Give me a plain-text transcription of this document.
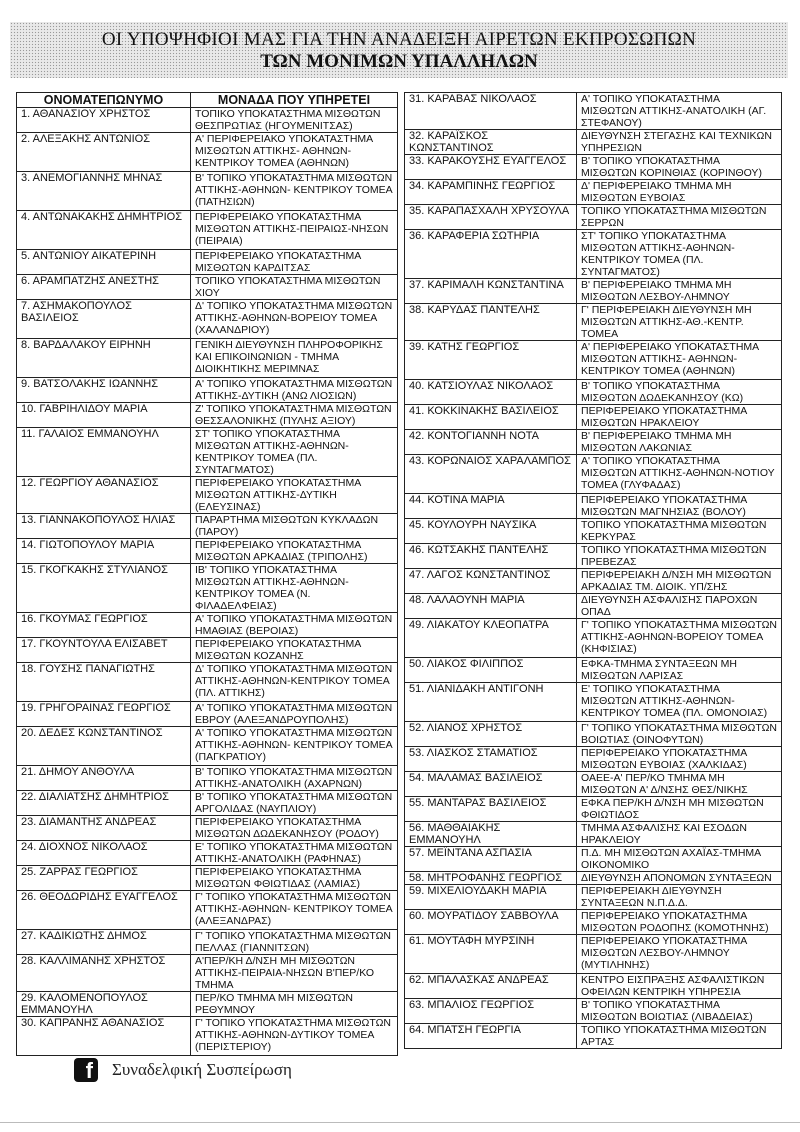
ΟΙ ΥΠΟΨΗΦΙΟΙ ΜΑΣ ΓΙΑ ΤΗΝ ΑΝΑΔΕΙΞΗ ΑΙΡΕΤΩΝ ΕΚΠΡΟΣΩΠΩΝ
ΤΩΝ ΜΟΝΙΜΩΝ ΥΠΑΛΛΗΛΩΝ
ΟΝΟΜΑΤΕΠΩΝΥΜΟ	ΜΟΝΑΔΑ ΠΟΥ ΥΠΗΡΕΤΕΙ
1. ΑΘΑΝΑΣΙΟΥ ΧΡΗΣΤΟΣ	ΤΟΠΙΚΟ ΥΠΟΚΑΤΑΣΤΗΜΑ ΜΙΣΘΩΤΩΝ ΘΕΣΠΡΩΤΙΑΣ (ΗΓΟΥΜΕΝΙΤΣΑΣ)
2. ΑΛΕΞΑΚΗΣ ΑΝΤΩΝΙΟΣ	Α' ΠΕΡΙΦΕΡΕΙΑΚΟ ΥΠΟΚΑΤΑΣΤΗΜΑ ΜΙΣΘΩΤΩΝ ΑΤΤΙΚΗΣ- ΑΘΗΝΩΝ-ΚΕΝΤΡΙΚΟΥ ΤΟΜΕΑ (ΑΘΗΝΩΝ)
3. ΑΝΕΜΟΓΙΑΝΝΗΣ ΜΗΝΑΣ	Β' ΤΟΠΙΚΟ ΥΠΟΚΑΤΑΣΤΗΜΑ ΜΙΣΘΩΤΩΝ ΑΤΤΙΚΗΣ-ΑΘΗΝΩΝ- ΚΕΝΤΡΙΚΟΥ ΤΟΜΕΑ (ΠΑΤΗΣΙΩΝ)
4. ΑΝΤΩΝΑΚΑΚΗΣ ΔΗΜΗΤΡΙΟΣ	ΠΕΡΙΦΕΡΕΙΑΚΟ ΥΠΟΚΑΤΑΣΤΗΜΑ ΜΙΣΘΩΤΩΝ ΑΤΤΙΚΗΣ-ΠΕΙΡΑΙΩΣ-ΝΗΣΩΝ (ΠΕΙΡΑΙΑ)
5. ΑΝΤΩΝΙΟΥ ΑΙΚΑΤΕΡΙΝΗ	ΠΕΡΙΦΕΡΕΙΑΚΟ ΥΠΟΚΑΤΑΣΤΗΜΑ ΜΙΣΘΩΤΩΝ ΚΑΡΔΙΤΣΑΣ
6. ΑΡΑΜΠΑΤΖΗΣ ΑΝΕΣΤΗΣ	ΤΟΠΙΚΟ ΥΠΟΚΑΤΑΣΤΗΜΑ ΜΙΣΘΩΤΩΝ ΧΙΟΥ
7. ΑΣΗΜΑΚΟΠΟΥΛΟΣ ΒΑΣΙΛΕΙΟΣ	Δ' ΤΟΠΙΚΟ ΥΠΟΚΑΤΑΣΤΗΜΑ ΜΙΣΘΩΤΩΝ ΑΤΤΙΚΗΣ-ΑΘΗΝΩΝ-ΒΟΡΕΙΟΥ ΤΟΜΕΑ (ΧΑΛΑΝΔΡΙΟΥ)
8. ΒΑΡΔΑΛΑΚΟΥ ΕΙΡΗΝΗ	ΓΕΝΙΚΗ ΔΙΕΥΘΥΝΣΗ ΠΛΗΡΟΦΟΡΙΚΗΣ ΚΑΙ ΕΠΙΚΟΙΝΩΝΙΩΝ - ΤΜΗΜΑ ΔΙΟΙΚΗΤΙΚΗΣ ΜΕΡΙΜΝΑΣ
9. ΒΑΤΣΟΛΑΚΗΣ ΙΩΑΝΝΗΣ	Α' ΤΟΠΙΚΟ ΥΠΟΚΑΤΑΣΤΗΜΑ ΜΙΣΘΩΤΩΝ ΑΤΤΙΚΗΣ-ΔΥΤΙΚΗ (ΑΝΩ ΛΙΟΣΙΩΝ)
10. ΓΑΒΡΙΗΛΙΔΟΥ ΜΑΡΙΑ	Ζ' ΤΟΠΙΚΟ ΥΠΟΚΑΤΑΣΤΗΜΑ ΜΙΣΘΩΤΩΝ ΘΕΣΣΑΛΟΝΙΚΗΣ (ΠΥΛΗΣ ΑΞΙΟΥ)
11. ΓΑΛΑΙΟΣ ΕΜΜΑΝΟΥΗΛ	ΣΤ' ΤΟΠΙΚΟ ΥΠΟΚΑΤΑΣΤΗΜΑ ΜΙΣΘΩΤΩΝ ΑΤΤΙΚΗΣ-ΑΘΗΝΩΝ-ΚΕΝΤΡΙΚΟΥ ΤΟΜΕΑ (ΠΛ. ΣΥΝΤΑΓΜΑΤΟΣ)
12. ΓΕΩΡΓΙΟΥ ΑΘΑΝΑΣΙΟΣ	ΠΕΡΙΦΕΡΕΙΑΚΟ ΥΠΟΚΑΤΑΣΤΗΜΑ ΜΙΣΘΩΤΩΝ ΑΤΤΙΚΗΣ-ΔΥΤΙΚΗ (ΕΛΕΥΣΙΝΑΣ)
13. ΓΙΑΝΝΑΚΟΠΟΥΛΟΣ ΗΛΙΑΣ	ΠΑΡΑΡΤΗΜΑ ΜΙΣΘΩΤΩΝ ΚΥΚΛΑΔΩΝ (ΠΑΡΟΥ)
14. ΓΙΩΤΟΠΟΥΛΟΥ ΜΑΡΙΑ	ΠΕΡΙΦΕΡΕΙΑΚΟ ΥΠΟΚΑΤΑΣΤΗΜΑ ΜΙΣΘΩΤΩΝ ΑΡΚΑΔΙΑΣ (ΤΡΙΠΟΛΗΣ)
15. ΓΚΟΓΚΑΚΗΣ ΣΤΥΛΙΑΝΟΣ	ΙΒ' ΤΟΠΙΚΟ ΥΠΟΚΑΤΑΣΤΗΜΑ ΜΙΣΘΩΤΩΝ ΑΤΤΙΚΗΣ-ΑΘΗΝΩΝ-ΚΕΝΤΡΙΚΟΥ ΤΟΜΕΑ (Ν. ΦΙΛΑΔΕΛΦΕΙΑΣ)
16. ΓΚΟΥΜΑΣ ΓΕΩΡΓΙΟΣ	Α' ΤΟΠΙΚΟ ΥΠΟΚΑΤΑΣΤΗΜΑ ΜΙΣΘΩΤΩΝ ΗΜΑΘΙΑΣ (ΒΕΡΟΙΑΣ)
17. ΓΚΟΥΝΤΟΥΛΑ ΕΛΙΣΑΒΕΤ	ΠΕΡΙΦΕΡΕΙΑΚΟ ΥΠΟΚΑΤΑΣΤΗΜΑ ΜΙΣΘΩΤΩΝ ΚΟΖΑΝΗΣ
18. ΓΟΥΣΗΣ ΠΑΝΑΓΙΩΤΗΣ	Δ' ΤΟΠΙΚΟ ΥΠΟΚΑΤΑΣΤΗΜΑ ΜΙΣΘΩΤΩΝ ΑΤΤΙΚΗΣ-ΑΘΗΝΩΝ-ΚΕΝΤΡΙΚΟΥ ΤΟΜΕΑ (ΠΛ. ΑΤΤΙΚΗΣ)
19. ΓΡΗΓΟΡΑΙΝΑΣ ΓΕΩΡΓΙΟΣ	Α' ΤΟΠΙΚΟ ΥΠΟΚΑΤΑΣΤΗΜΑ ΜΙΣΘΩΤΩΝ ΕΒΡΟΥ (ΑΛΕΞΑΝΔΡΟΥΠΟΛΗΣ)
20. ΔΕΔΕΣ ΚΩΝΣΤΑΝΤΙΝΟΣ	Α' ΤΟΠΙΚΟ ΥΠΟΚΑΤΑΣΤΗΜΑ ΜΙΣΘΩΤΩΝ ΑΤΤΙΚΗΣ-ΑΘΗΝΩΝ- ΚΕΝΤΡΙΚΟΥ ΤΟΜΕΑ (ΠΑΓΚΡΑΤΙΟΥ)
21. ΔΗΜΟΥ ΑΝΘΟΥΛΑ	Β' ΤΟΠΙΚΟ ΥΠΟΚΑΤΑΣΤΗΜΑ ΜΙΣΘΩΤΩΝ ΑΤΤΙΚΗΣ-ΑΝΑΤΟΛΙΚΗ (ΑΧΑΡΝΩΝ)
22. ΔΙΑΛΙΑΤΣΗΣ ΔΗΜΗΤΡΙΟΣ	Β' ΤΟΠΙΚΟ ΥΠΟΚΑΤΑΣΤΗΜΑ ΜΙΣΘΩΤΩΝ ΑΡΓΟΛΙΔΑΣ (ΝΑΥΠΛΙΟΥ)
23. ΔΙΑΜΑΝΤΗΣ ΑΝΔΡΕΑΣ	ΠΕΡΙΦΕΡΕΙΑΚΟ ΥΠΟΚΑΤΑΣΤΗΜΑ ΜΙΣΘΩΤΩΝ ΔΩΔΕΚΑΝΗΣΟΥ (ΡΟΔΟΥ)
24. ΔΙΟΧΝΟΣ ΝΙΚΟΛΑΟΣ	Ε' ΤΟΠΙΚΟ ΥΠΟΚΑΤΑΣΤΗΜΑ ΜΙΣΘΩΤΩΝ ΑΤΤΙΚΗΣ-ΑΝΑΤΟΛΙΚΗ (ΡΑΦΗΝΑΣ)
25. ΖΑΡΡΑΣ ΓΕΩΡΓΙΟΣ	ΠΕΡΙΦΕΡΕΙΑΚΟ ΥΠΟΚΑΤΑΣΤΗΜΑ ΜΙΣΘΩΤΩΝ ΦΘΙΩΤΙΔΑΣ (ΛΑΜΙΑΣ)
26. ΘΕΟΔΩΡΙΔΗΣ ΕΥΑΓΓΕΛΟΣ	Γ' ΤΟΠΙΚΟ ΥΠΟΚΑΤΑΣΤΗΜΑ ΜΙΣΘΩΤΩΝ ΑΤΤΙΚΗΣ-ΑΘΗΝΩΝ- ΚΕΝΤΡΙΚΟΥ ΤΟΜΕΑ (ΑΛΕΞΑΝΔΡΑΣ)
27. ΚΑΔΙΚΙΩΤΗΣ ΔΗΜΟΣ	Γ' ΤΟΠΙΚΟ ΥΠΟΚΑΤΑΣΤΗΜΑ ΜΙΣΘΩΤΩΝ ΠΕΛΛΑΣ (ΓΙΑΝΝΙΤΣΩΝ)
28. ΚΑΛΛΙΜΑΝΗΣ ΧΡΗΣΤΟΣ	Α'ΠΕΡ/ΚΗ Δ/ΝΣΗ ΜΗ ΜΙΣΘΩΤΩΝ ΑΤΤΙΚΗΣ-ΠΕΙΡΑΙΑ-ΝΗΣΩΝ Β'ΠΕΡ/ΚΟ ΤΜΗΜΑ
29. ΚΑΛΟΜΕΝΟΠΟΥΛΟΣ ΕΜΜΑΝΟΥΗΛ	ΠΕΡ/ΚΟ ΤΜΗΜΑ ΜΗ ΜΙΣΘΩΤΩΝ ΡΕΘΥΜΝΟΥ
30. ΚΑΠΡΑΝΗΣ ΑΘΑΝΑΣΙΟΣ	Γ' ΤΟΠΙΚΟ ΥΠΟΚΑΤΑΣΤΗΜΑ ΜΙΣΘΩΤΩΝ ΑΤΤΙΚΗΣ-ΑΘΗΝΩΝ-ΔΥΤΙΚΟΥ ΤΟΜΕΑ (ΠΕΡΙΣΤΕΡΙΟΥ)
31. ΚΑΡΑΒΑΣ ΝΙΚΟΛΑΟΣ	Α' ΤΟΠΙΚΟ ΥΠΟΚΑΤΑΣΤΗΜΑ ΜΙΣΘΩΤΩΝ ΑΤΤΙΚΗΣ-ΑΝΑΤΟΛΙΚΗ (ΑΓ. ΣΤΕΦΑΝΟΥ)
32. ΚΑΡΑΪΣΚΟΣ ΚΩΝΣΤΑΝΤΙΝΟΣ	ΔΙΕΥΘΥΝΣΗ ΣΤΕΓΑΣΗΣ ΚΑΙ ΤΕΧΝΙΚΩΝ ΥΠΗΡΕΣΙΩΝ
33. ΚΑΡΑΚΟΥΣΗΣ ΕΥΑΓΓΕΛΟΣ	Β' ΤΟΠΙΚΟ ΥΠΟΚΑΤΑΣΤΗΜΑ ΜΙΣΘΩΤΩΝ ΚΟΡΙΝΘΙΑΣ (ΚΟΡΙΝΘΟΥ)
34. ΚΑΡΑΜΠΙΝΗΣ ΓΕΩΡΓΙΟΣ	Δ' ΠΕΡΙΦΕΡΕΙΑΚΟ ΤΜΗΜΑ ΜΗ ΜΙΣΘΩΤΩΝ ΕΥΒΟΙΑΣ
35. ΚΑΡΑΠΑΣΧΑΛΗ ΧΡΥΣΟΥΛΑ	ΤΟΠΙΚΟ ΥΠΟΚΑΤΑΣΤΗΜΑ ΜΙΣΘΩΤΩΝ ΣΕΡΡΩΝ
36. ΚΑΡΑΦΕΡΙΑ ΣΩΤΗΡΙΑ	ΣΤ' ΤΟΠΙΚΟ ΥΠΟΚΑΤΑΣΤΗΜΑ ΜΙΣΘΩΤΩΝ ΑΤΤΙΚΗΣ-ΑΘΗΝΩΝ-ΚΕΝΤΡΙΚΟΥ ΤΟΜΕΑ (ΠΛ. ΣΥΝΤΑΓΜΑΤΟΣ)
37. ΚΑΡΙΜΑΛΗ ΚΩΝΣΤΑΝΤΙΝΑ	Β' ΠΕΡΙΦΕΡΕΙΑΚΟ ΤΜΗΜΑ ΜΗ ΜΙΣΘΩΤΩΝ ΛΕΣΒΟΥ-ΛΗΜΝΟΥ
38. ΚΑΡΥΔΑΣ ΠΑΝΤΕΛΗΣ	Γ' ΠΕΡΙΦΕΡΕΙΑΚΗ ΔΙΕΥΘΥΝΣΗ ΜΗ ΜΙΣΘΩΤΩΝ ΑΤΤΙΚΗΣ-ΑΘ.-ΚΕΝΤΡ. ΤΟΜΕΑ
39. ΚΑΤΗΣ ΓΕΩΡΓΙΟΣ	Α' ΠΕΡΙΦΕΡΕΙΑΚΟ ΥΠΟΚΑΤΑΣΤΗΜΑ ΜΙΣΘΩΤΩΝ ΑΤΤΙΚΗΣ- ΑΘΗΝΩΝ-ΚΕΝΤΡΙΚΟΥ ΤΟΜΕΑ (ΑΘΗΝΩΝ)
40. ΚΑΤΣΙΟΥΛΑΣ ΝΙΚΟΛΑΟΣ	Β' ΤΟΠΙΚΟ ΥΠΟΚΑΤΑΣΤΗΜΑ ΜΙΣΘΩΤΩΝ ΔΩΔΕΚΑΝΗΣΟΥ (ΚΩ)
41. ΚΟΚΚΙΝΑΚΗΣ ΒΑΣΙΛΕΙΟΣ	ΠΕΡΙΦΕΡΕΙΑΚΟ ΥΠΟΚΑΤΑΣΤΗΜΑ ΜΙΣΘΩΤΩΝ ΗΡΑΚΛΕΙΟΥ
42. ΚΟΝΤΟΓΙΑΝΝΗ ΝΟΤΑ	Β' ΠΕΡΙΦΕΡΕΙΑΚΟ ΤΜΗΜΑ ΜΗ ΜΙΣΘΩΤΩΝ ΛΑΚΩΝΙΑΣ
43. ΚΟΡΩΝΑΙΟΣ ΧΑΡΑΛΑΜΠΟΣ	Α' ΤΟΠΙΚΟ ΥΠΟΚΑΤΑΣΤΗΜΑ ΜΙΣΘΩΤΩΝ ΑΤΤΙΚΗΣ-ΑΘΗΝΩΝ-ΝΟΤΙΟΥ ΤΟΜΕΑ (ΓΛΥΦΑΔΑΣ)
44. ΚΟΤΙΝΑ ΜΑΡΙΑ	ΠΕΡΙΦΕΡΕΙΑΚΟ ΥΠΟΚΑΤΑΣΤΗΜΑ ΜΙΣΘΩΤΩΝ ΜΑΓΝΗΣΙΑΣ (ΒΟΛΟΥ)
45. ΚΟΥΛΟΥΡΗ ΝΑΥΣΙΚΑ	ΤΟΠΙΚΟ ΥΠΟΚΑΤΑΣΤΗΜΑ ΜΙΣΘΩΤΩΝ ΚΕΡΚΥΡΑΣ
46. ΚΩΤΣΑΚΗΣ ΠΑΝΤΕΛΗΣ	ΤΟΠΙΚΟ ΥΠΟΚΑΤΑΣΤΗΜΑ ΜΙΣΘΩΤΩΝ ΠΡΕΒΕΖΑΣ
47. ΛΑΓΟΣ ΚΩΝΣΤΑΝΤΙΝΟΣ	ΠΕΡΙΦΕΡΕΙΑΚΗ Δ/ΝΣΗ ΜΗ ΜΙΣΘΩΤΩΝ ΑΡΚΑΔΙΑΣ ΤΜ. ΔΙΟΙΚ. ΥΠ/ΣΗΣ
48. ΛΑΛΑΟΥΝΗ ΜΑΡΙΑ	ΔΙΕΥΘΥΝΣΗ ΑΣΦΑΛΙΣΗΣ ΠΑΡΟΧΩΝ ΟΠΑΔ
49. ΛΙΑΚΑΤΟΥ ΚΛΕΟΠΑΤΡΑ	Γ' ΤΟΠΙΚΟ ΥΠΟΚΑΤΑΣΤΗΜΑ ΜΙΣΘΩΤΩΝ ΑΤΤΙΚΗΣ-ΑΘΗΝΩΝ-ΒΟΡΕΙΟΥ ΤΟΜΕΑ (ΚΗΦΙΣΙΑΣ)
50. ΛΙΑΚΟΣ ΦΙΛΙΠΠΟΣ	ΕΦΚΑ-ΤΜΗΜΑ ΣΥΝΤΑΞΕΩΝ ΜΗ ΜΙΣΘΩΤΩΝ ΛΑΡΙΣΑΣ
51. ΛΙΑΝΙΔΑΚΗ ΑΝΤΙΓΟΝΗ	Ε' ΤΟΠΙΚΟ ΥΠΟΚΑΤΑΣΤΗΜΑ ΜΙΣΘΩΤΩΝ ΑΤΤΙΚΗΣ-ΑΘΗΝΩΝ-ΚΕΝΤΡΙΚΟΥ ΤΟΜΕΑ (ΠΛ. ΟΜΟΝΟΙΑΣ)
52. ΛΙΑΝΟΣ ΧΡΗΣΤΟΣ	Γ' ΤΟΠΙΚΟ ΥΠΟΚΑΤΑΣΤΗΜΑ ΜΙΣΘΩΤΩΝ ΒΟΙΩΤΙΑΣ (ΟΙΝΟΦΥΤΩΝ)
53. ΛΙΑΣΚΟΣ ΣΤΑΜΑΤΙΟΣ	ΠΕΡΙΦΕΡΕΙΑΚΟ ΥΠΟΚΑΤΑΣΤΗΜΑ ΜΙΣΘΩΤΩΝ ΕΥΒΟΙΑΣ (ΧΑΛΚΙΔΑΣ)
54. ΜΑΛΑΜΑΣ ΒΑΣΙΛΕΙΟΣ	ΟΑΕΕ-Α' ΠΕΡ/ΚΟ ΤΜΗΜΑ ΜΗ ΜΙΣΘΩΤΩΝ Α' Δ/ΝΣΗΣ ΘΕΣ/ΝΙΚΗΣ
55. ΜΑΝΤΑΡΑΣ ΒΑΣΙΛΕΙΟΣ	ΕΦΚΑ ΠΕΡ/ΚΗ Δ/ΝΣΗ ΜΗ ΜΙΣΘΩΤΩΝ ΦΘΙΩΤΙΔΟΣ
56. ΜΑΘΘΑΙΑΚΗΣ ΕΜΜΑΝΟΥΗΛ	ΤΜΗΜΑ ΑΣΦΑΛΙΣΗΣ ΚΑΙ ΕΣΟΔΩΝ ΗΡΑΚΛΕΙΟΥ
57. ΜΕΪΝΤΑΝΑ ΑΣΠΑΣΙΑ	Π.Δ. ΜΗ ΜΙΣΘΩΤΩΝ ΑΧΑΪΑΣ-ΤΜΗΜΑ ΟΙΚΟΝΟΜΙΚΟ
58. ΜΗΤΡΟΦΑΝΗΣ ΓΕΩΡΓΙΟΣ	ΔΙΕΥΘΥΝΣΗ ΑΠΟΝΟΜΩΝ ΣΥΝΤΑΞΕΩΝ
59. ΜΙΧΕΛΙΟΥΔΑΚΗ ΜΑΡΙΑ	ΠΕΡΙΦΕΡΕΙΑΚΗ ΔΙΕΥΘΥΝΣΗ ΣΥΝΤΑΞΕΩΝ Ν.Π.Δ.Δ.
60. ΜΟΥΡΑΤΙΔΟΥ ΣΑΒΒΟΥΛΑ	ΠΕΡΙΦΕΡΕΙΑΚΟ ΥΠΟΚΑΤΑΣΤΗΜΑ ΜΙΣΘΩΤΩΝ ΡΟΔΟΠΗΣ (ΚΟΜΟΤΗΝΗΣ)
61. ΜΟΥΤΑΦΗ ΜΥΡΣΙΝΗ	ΠΕΡΙΦΕΡΕΙΑΚΟ ΥΠΟΚΑΤΑΣΤΗΜΑ ΜΙΣΘΩΤΩΝ ΛΕΣΒΟΥ-ΛΗΜΝΟΥ (ΜΥΤΙΛΗΝΗΣ)
62. ΜΠΑΛΑΣΚΑΣ ΑΝΔΡΕΑΣ	ΚΕΝΤΡΟ ΕΙΣΠΡΑΞΗΣ ΑΣΦΑΛΙΣΤΙΚΩΝ ΟΦΕΙΛΩΝ ΚΕΝΤΡΙΚΗ ΥΠΗΡΕΣΙΑ
63. ΜΠΑΛΙΟΣ ΓΕΩΡΓΙΟΣ	Β' ΤΟΠΙΚΟ ΥΠΟΚΑΤΑΣΤΗΜΑ ΜΙΣΘΩΤΩΝ ΒΟΙΩΤΙΑΣ (ΛΙΒΑΔΕΙΑΣ)
64. ΜΠΑΤΣΗ ΓΕΩΡΓΙΑ	ΤΟΠΙΚΟ ΥΠΟΚΑΤΑΣΤΗΜΑ ΜΙΣΘΩΤΩΝ ΑΡΤΑΣ
f Συναδελφική Συσπείρωση
